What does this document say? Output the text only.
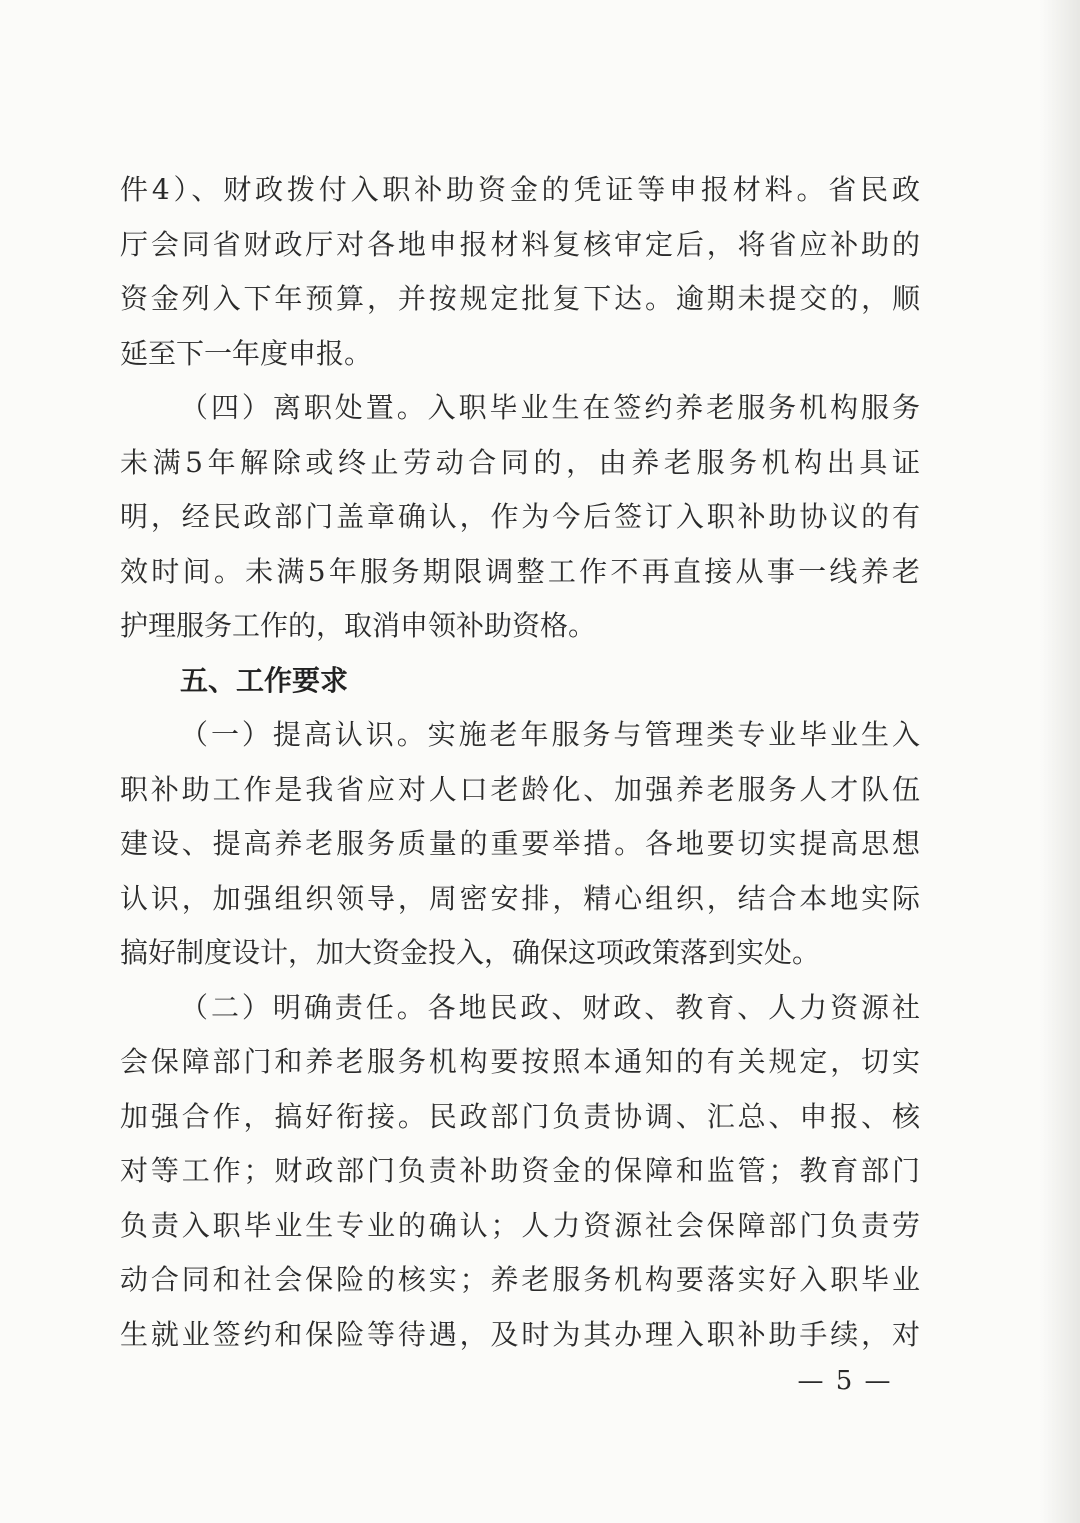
件4）、财政拨付入职补助资金的凭证等申报材料。省民政
厅会同省财政厅对各地申报材料复核审定后，将省应补助的
资金列入下年预算，并按规定批复下达。逾期未提交的，顺
延至下一年度申报。
（四）离职处置。入职毕业生在签约养老服务机构服务
未满5年解除或终止劳动合同的，由养老服务机构出具证
明，经民政部门盖章确认，作为今后签订入职补助协议的有
效时间。未满5年服务期限调整工作不再直接从事一线养老
护理服务工作的，取消申领补助资格。
五、工作要求
（一）提高认识。实施老年服务与管理类专业毕业生入
职补助工作是我省应对人口老龄化、加强养老服务人才队伍
建设、提高养老服务质量的重要举措。各地要切实提高思想
认识，加强组织领导，周密安排，精心组织，结合本地实际
搞好制度设计，加大资金投入，确保这项政策落到实处。
（二）明确责任。各地民政、财政、教育、人力资源社
会保障部门和养老服务机构要按照本通知的有关规定，切实
加强合作，搞好衔接。民政部门负责协调、汇总、申报、核
对等工作；财政部门负责补助资金的保障和监管；教育部门
负责入职毕业生专业的确认；人力资源社会保障部门负责劳
动合同和社会保险的核实；养老服务机构要落实好入职毕业
生就业签约和保险等待遇，及时为其办理入职补助手续，对
— 5 —
